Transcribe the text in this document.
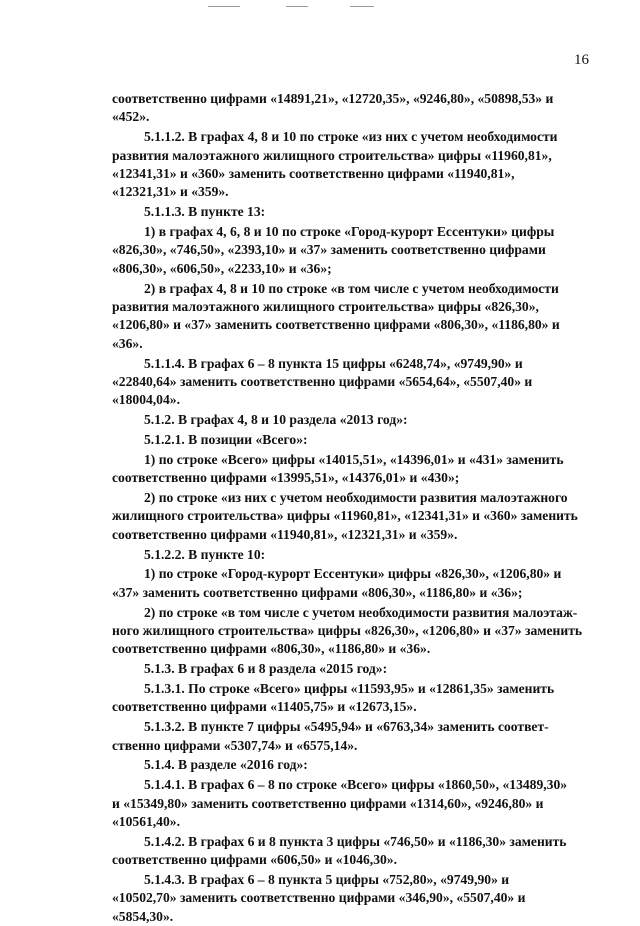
16

соответственно цифрами «14891,21», «12720,35», «9246,80», «50898,53» и
«452».

5.1.1.2. В графах 4, 8 и 10 по строке «из них с учетом необходимости
развития малоэтажного жилищного строительства» цифры «11960,81»,
«12341,31» и «360» заменить соответственно цифрами «11940,81»,
«12321,31» и «359».

5.1.1.3. В пункте 13:

1) в графах 4, 6, 8 и 10 по строке «Город-курорт Ессентуки» цифры
«826,30», «746,50», «2393,10» и «37» заменить соответственно цифрами
«806,30», «606,50», «2233,10» и «36»;

2) в графах 4, 8 и 10 по строке «в том числе с учетом необходимости
развития малоэтажного жилищного строительства» цифры «826,30»,
«1206,80» и «37» заменить соответственно цифрами «806,30», «1186,80» и
«36».

5.1.1.4. В графах 6 – 8 пункта 15 цифры «6248,74», «9749,90» и
«22840,64» заменить соответственно цифрами «5654,64», «5507,40» и
«18004,04».

5.1.2. В графах 4, 8 и 10 раздела «2013 год»:

5.1.2.1. В позиции «Всего»:

1) по строке «Всего» цифры «14015,51», «14396,01» и «431» заменить
соответственно цифрами «13995,51», «14376,01» и «430»;

2) по строке «из них с учетом необходимости развития малоэтажного
жилищного строительства» цифры «11960,81», «12341,31» и «360» заменить
соответственно цифрами «11940,81», «12321,31» и «359».

5.1.2.2. В пункте 10:

1) по строке «Город-курорт Ессентуки» цифры «826,30», «1206,80» и
«37» заменить соответственно цифрами «806,30», «1186,80» и «36»;

2) по строке «в том числе с учетом необходимости развития малоэтаж-
ного жилищного строительства» цифры «826,30», «1206,80» и «37» заменить
соответственно цифрами «806,30», «1186,80» и «36».

5.1.3. В графах 6 и 8 раздела «2015 год»:

5.1.3.1. По строке «Всего» цифры «11593,95» и «12861,35» заменить
соответственно цифрами «11405,75» и «12673,15».

5.1.3.2. В пункте 7 цифры «5495,94» и «6763,34» заменить соответ-
ственно цифрами «5307,74» и «6575,14».

5.1.4. В разделе «2016 год»:

5.1.4.1. В графах 6 – 8 по строке «Всего» цифры «1860,50», «13489,30»
и «15349,80» заменить соответственно цифрами «1314,60», «9246,80» и
«10561,40».

5.1.4.2. В графах 6 и 8 пункта 3 цифры «746,50» и «1186,30» заменить
соответственно цифрами «606,50» и «1046,30».

5.1.4.3. В графах 6 – 8 пункта 5 цифры «752,80», «9749,90» и
«10502,70» заменить соответственно цифрами «346,90», «5507,40» и
«5854,30».
